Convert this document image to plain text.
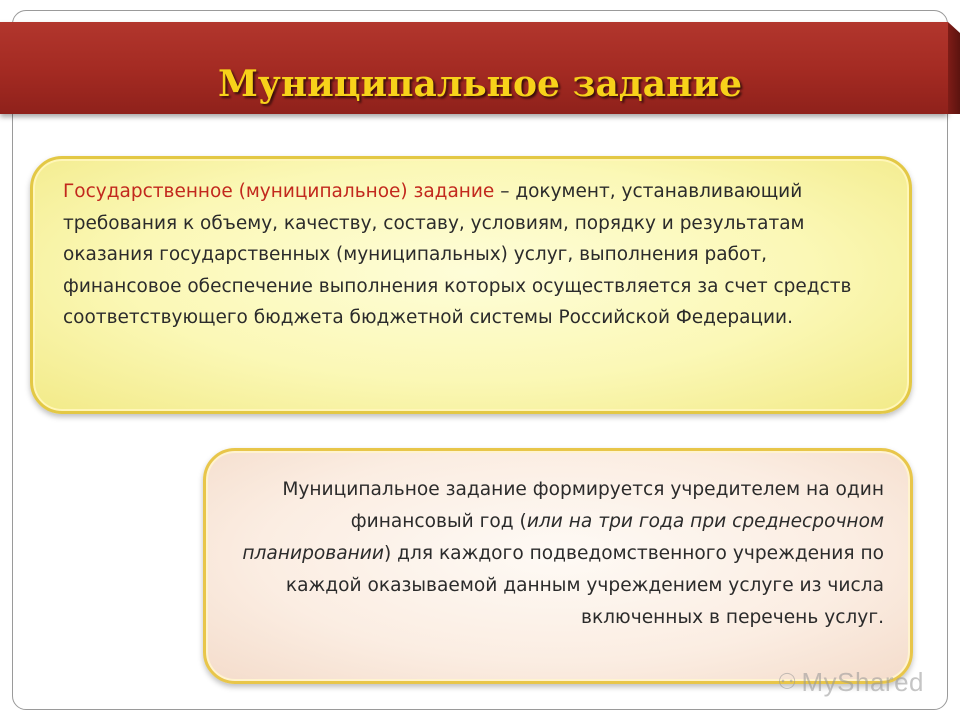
Муниципальное задание
Государственное (муниципальное) задание – документ, устанавливающий требования к объему, качеству, составу, условиям, порядку и результатам оказания государственных (муниципальных) услуг, выполнения работ, финансовое обеспечение выполнения которых осуществляется за счет средств соответствующего бюджета бюджетной системы Российской Федерации.
Муниципальное задание формируется учредителем на один финансовый год (или на три года при среднесрочном планировании) для каждого подведомственного учреждения по каждой оказываемой данным учреждением услуге из числа включенных в перечень услуг.
⚇ MyShared
